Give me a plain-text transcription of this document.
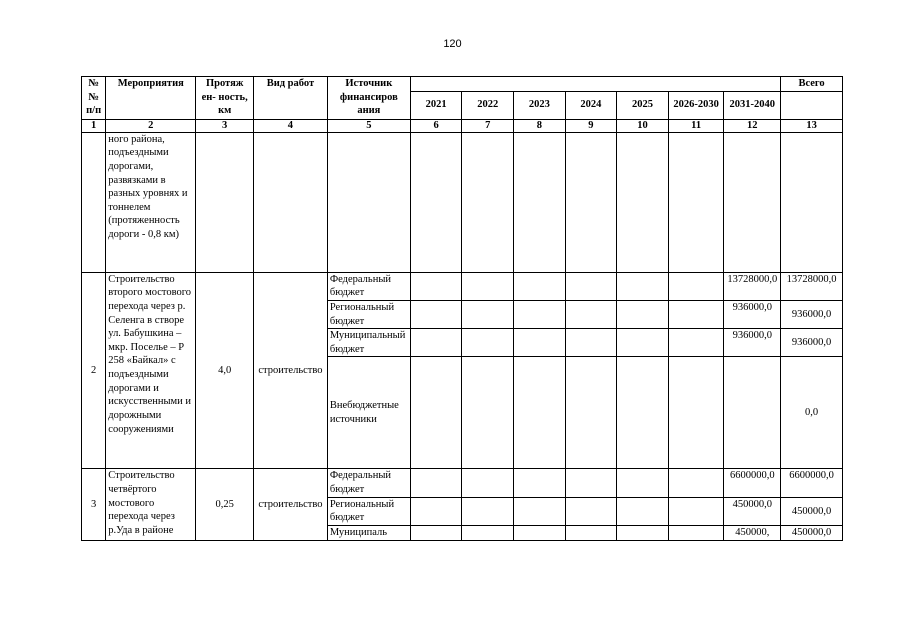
120
№ № п/п	Мероприятия	Протяж ен- ность, км	Вид работ	Источник финансиров ания								Всего
					2021	2022	2023	2024	2025	2026-2030	2031-2040	
1	2	3	4	5	6	7	8	9	10	11	12	13
	ного района, подъездными дорогами, развязками в разных уровнях и тоннелем (протяженность дороги - 0,8 км)											
2	Строительство второго мостового перехода через р. Селенга в створе ул. Бабушкина – мкр. Поселье – Р 258 «Байкал» с подъездными дорогами и искусственными и дорожными сооружениями	4,0	строительство	Федеральный бюджет							13728000,0	13728000,0
				Региональный бюджет							936000,0	936000,0
				Муниципальный бюджет							936000,0	936000,0
				Внебюджетные источники								0,0
3	Строительство четвёртого мостового перехода через р.Уда в районе	0,25	строительство	Федеральный бюджет							6600000,0	6600000,0
				Региональный бюджет							450000,0	450000,0
				Муниципаль							450000,	450000,0
